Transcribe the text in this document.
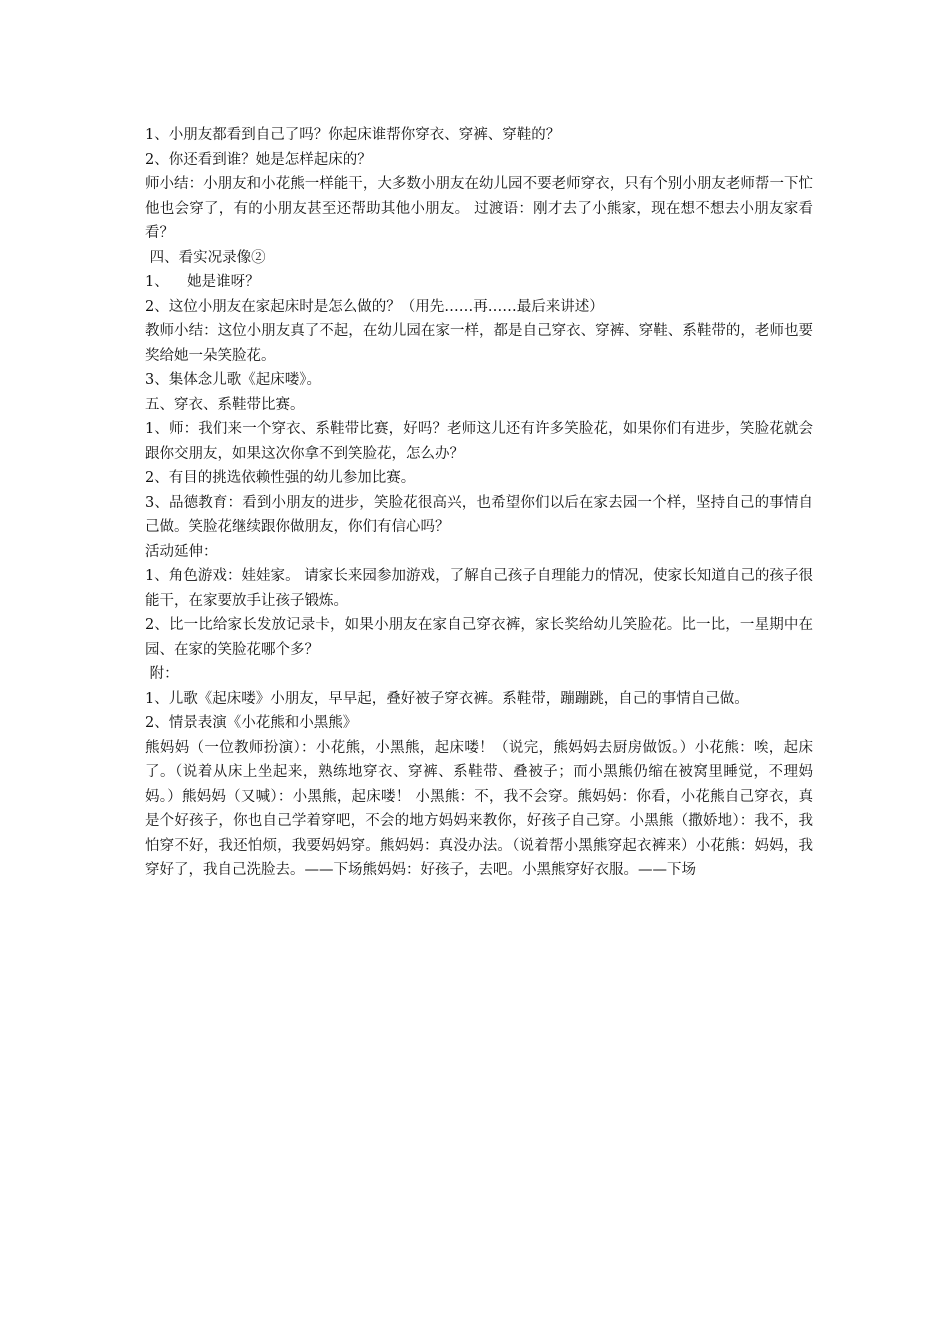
1、小朋友都看到自己了吗？你起床谁帮你穿衣、穿裤、穿鞋的？

2、你还看到谁？她是怎样起床的？

师小结：小朋友和小花熊一样能干，大多数小朋友在幼儿园不要老师穿衣，只有个别小朋友老师帮一下忙他也会穿了，有的小朋友甚至还帮助其他小朋友。 过渡语：刚才去了小熊家，现在想不想去小朋友家看看？

四、看实况录像②

1、    她是谁呀？

2、这位小朋友在家起床时是怎么做的？（用先……再……最后来讲述）

教师小结：这位小朋友真了不起，在幼儿园在家一样，都是自己穿衣、穿裤、穿鞋、系鞋带的，老师也要奖给她一朵笑脸花。

3、集体念儿歌《起床喽》。

五、穿衣、系鞋带比赛。

1、师：我们来一个穿衣、系鞋带比赛，好吗？老师这儿还有许多笑脸花，如果你们有进步，笑脸花就会跟你交朋友，如果这次你拿不到笑脸花，怎么办？

2、有目的挑选依赖性强的幼儿参加比赛。

3、品德教育：看到小朋友的进步，笑脸花很高兴，也希望你们以后在家去园一个样，坚持自己的事情自己做。笑脸花继续跟你做朋友，你们有信心吗？

活动延伸：

1、角色游戏：娃娃家。 请家长来园参加游戏，了解自己孩子自理能力的情况，使家长知道自己的孩子很能干，在家要放手让孩子锻炼。

2、比一比给家长发放记录卡，如果小朋友在家自己穿衣裤，家长奖给幼儿笑脸花。比一比，一星期中在园、在家的笑脸花哪个多？

附：

1、儿歌《起床喽》小朋友，早早起，叠好被子穿衣裤。系鞋带，蹦蹦跳，自己的事情自己做。

2、情景表演《小花熊和小黑熊》

熊妈妈（一位教师扮演）：小花熊，小黑熊，起床喽！（说完，熊妈妈去厨房做饭。）小花熊：唉，起床了。（说着从床上坐起来，熟练地穿衣、穿裤、系鞋带、叠被子；而小黑熊仍缩在被窝里睡觉，不理妈妈。）熊妈妈（又喊）：小黑熊，起床喽！ 小黑熊：不，我不会穿。熊妈妈：你看，小花熊自己穿衣，真是个好孩子，你也自己学着穿吧，不会的地方妈妈来教你，好孩子自己穿。小黑熊（撒娇地）：我不，我怕穿不好，我还怕烦，我要妈妈穿。熊妈妈：真没办法。（说着帮小黑熊穿起衣裤来）小花熊：妈妈，我穿好了，我自己洗脸去。——下场熊妈妈：好孩子，去吧。小黑熊穿好衣服。——下场
